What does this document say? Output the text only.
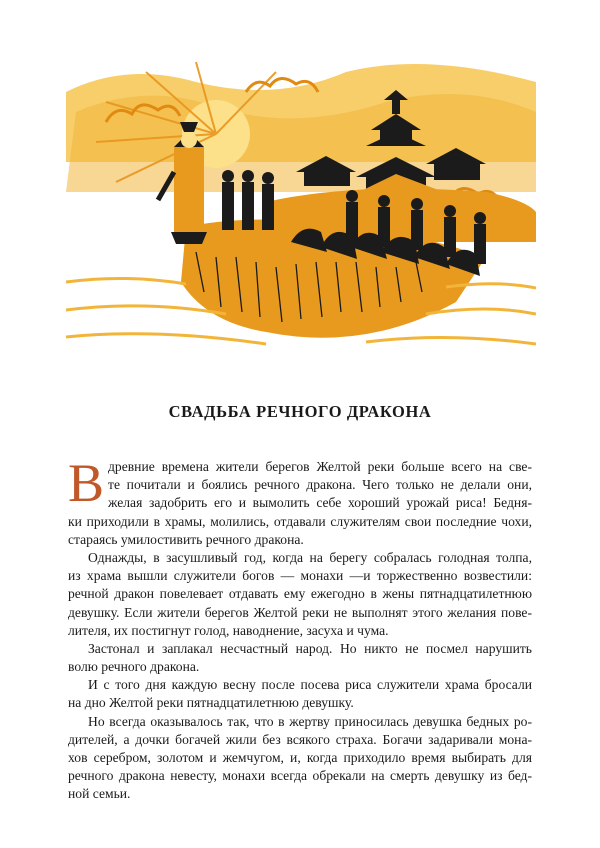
СВАДЬБА РЕЧНОГО ДРАКОНА
В древние времена жители берегов Желтой реки больше всего на све-
те почитали и боялись речного дракона. Чего только не делали они,
желая задобрить его и вымолить себе хороший урожай риса! Бедня-
ки приходили в храмы, молились, отдавали служителям свои последние чохи,
стараясь умилостивить речного дракона.
Однажды, в засушливый год, когда на берегу собралась голодная толпа,
из храма вышли служители богов — монахи —и торжественно возвестили:
речной дракон повелевает отдавать ему ежегодно в жены пятнадцатилетнюю
девушку. Если жители берегов Желтой реки не выполнят этого желания пове-
лителя, их постигнут голод, наводнение, засуха и чума.
Застонал и заплакал несчастный народ. Но никто не посмел нарушить
волю речного дракона.
И с того дня каждую весну после посева риса служители храма бросали
на дно Желтой реки пятнадцатилетнюю девушку.
Но всегда оказывалось так, что в жертву приносилась девушка бедных ро-
дителей, а дочки богачей жили без всякого страха. Богачи задаривали мона-
хов серебром, золотом и жемчугом, и, когда приходило время выбирать для
речного дракона невесту, монахи всегда обрекали на смерть девушку из бед-
ной семьи.
